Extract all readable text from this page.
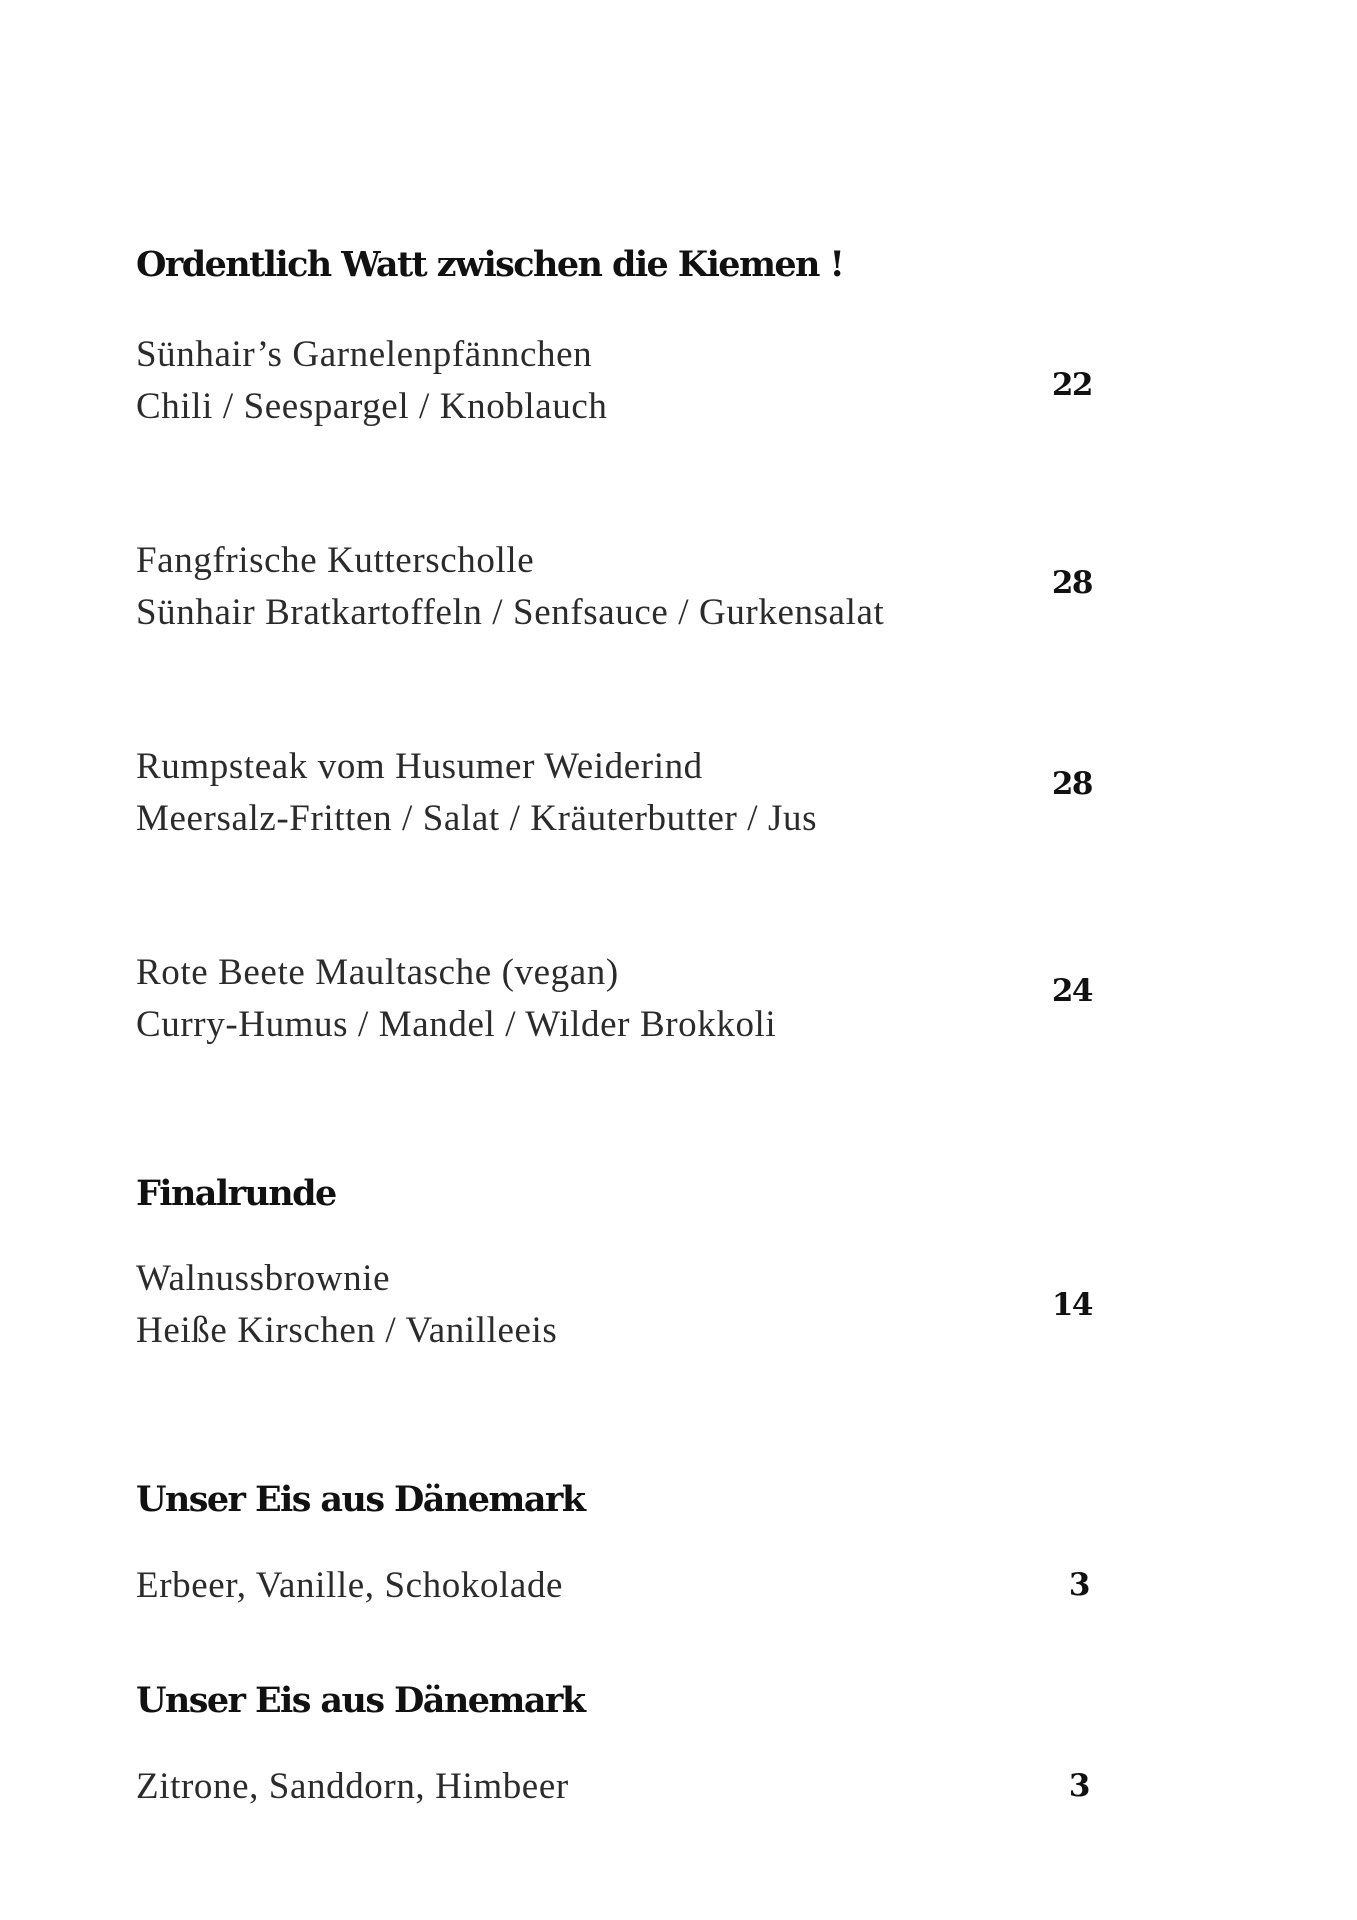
Ordentlich Watt zwischen die Kiemen !

Sünhair’s Garnelenpfännchen

Chili / Seespargel / Knoblauch

22

Fangfrische Kutterscholle

Sünhair Bratkartoffeln / Senfsauce / Gurkensalat

28

Rumpsteak vom Husumer Weiderind

Meersalz-Fritten / Salat / Kräuterbutter / Jus

28

Rote Beete Maultasche (vegan)

Curry-Humus / Mandel / Wilder Brokkoli

24

Finalrunde

Walnussbrownie

Heiße Kirschen / Vanilleeis

14

Unser Eis aus Dänemark

Erbeer, Vanille, Schokolade	3

Unser Eis aus Dänemark

Zitrone, Sanddorn, Himbeer	3
